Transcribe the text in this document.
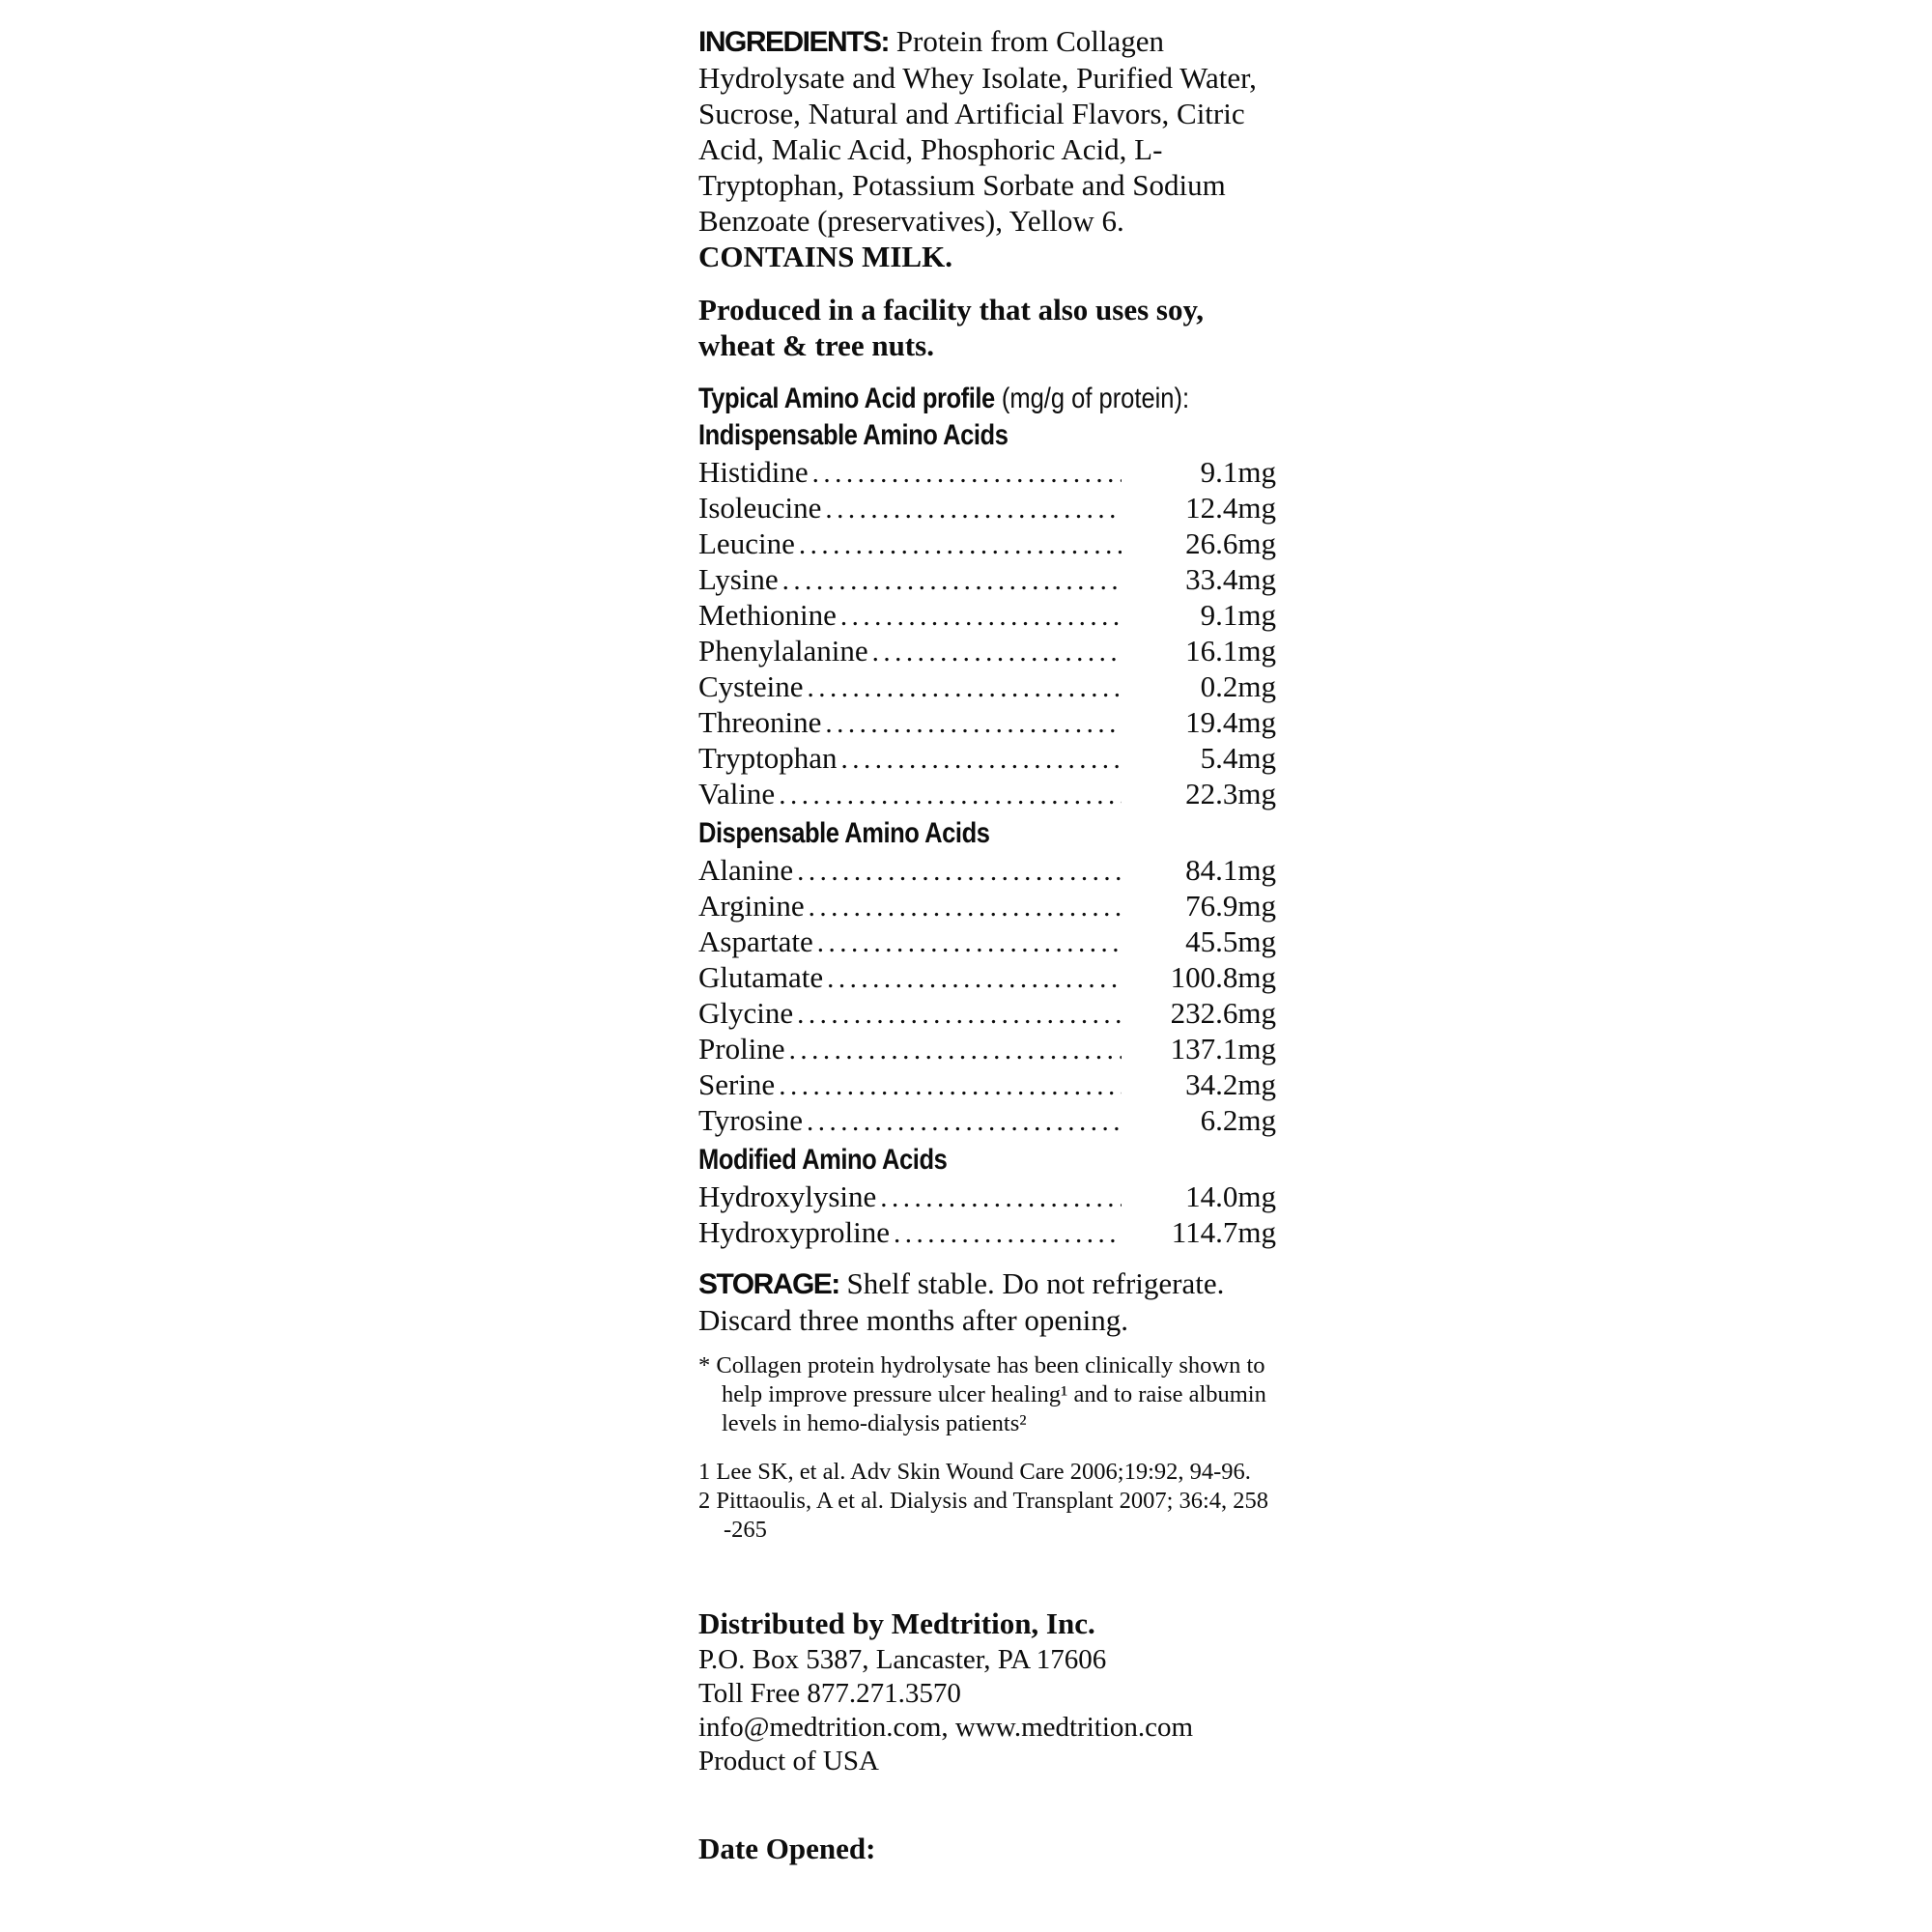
INGREDIENTS: Protein from Collagen Hydrolysate and Whey Isolate, Purified Water, Sucrose, Natural and Artificial Flavors, Citric Acid, Malic Acid, Phosphoric Acid, L-Tryptophan, Potassium Sorbate and Sodium Benzoate (preservatives), Yellow 6. CONTAINS MILK.

Produced in a facility that also uses soy, wheat & tree nuts.

Typical Amino Acid profile (mg/g of protein):
Indispensable Amino Acids
Histidine .....	9.1mg
Isoleucine .....	12.4mg
Leucine .....	26.6mg
Lysine .....	33.4mg
Methionine .....	9.1mg
Phenylalanine .....	16.1mg
Cysteine .....	0.2mg
Threonine .....	19.4mg
Tryptophan .....	5.4mg
Valine .....	22.3mg
Dispensable Amino Acids
Alanine .....	84.1mg
Arginine .....	76.9mg
Aspartate .....	45.5mg
Glutamate .....	100.8mg
Glycine .....	232.6mg
Proline .....	137.1mg
Serine .....	34.2mg
Tyrosine .....	6.2mg
Modified Amino Acids
Hydroxylysine .....	14.0mg
Hydroxyproline .....	114.7mg

STORAGE: Shelf stable. Do not refrigerate. Discard three months after opening.

* Collagen protein hydrolysate has been clinically shown to help improve pressure ulcer healing¹ and to raise albumin levels in hemo-dialysis patients²

1 Lee SK, et al. Adv Skin Wound Care 2006;19:92, 94-96.

2 Pittaoulis, A et al. Dialysis and Transplant 2007; 36:4, 258 -265

Distributed by Medtrition, Inc.

P.O. Box 5387, Lancaster, PA 17606

Toll Free 877.271.3570

info@medtrition.com, www.medtrition.com

Product of USA

Date Opened:
